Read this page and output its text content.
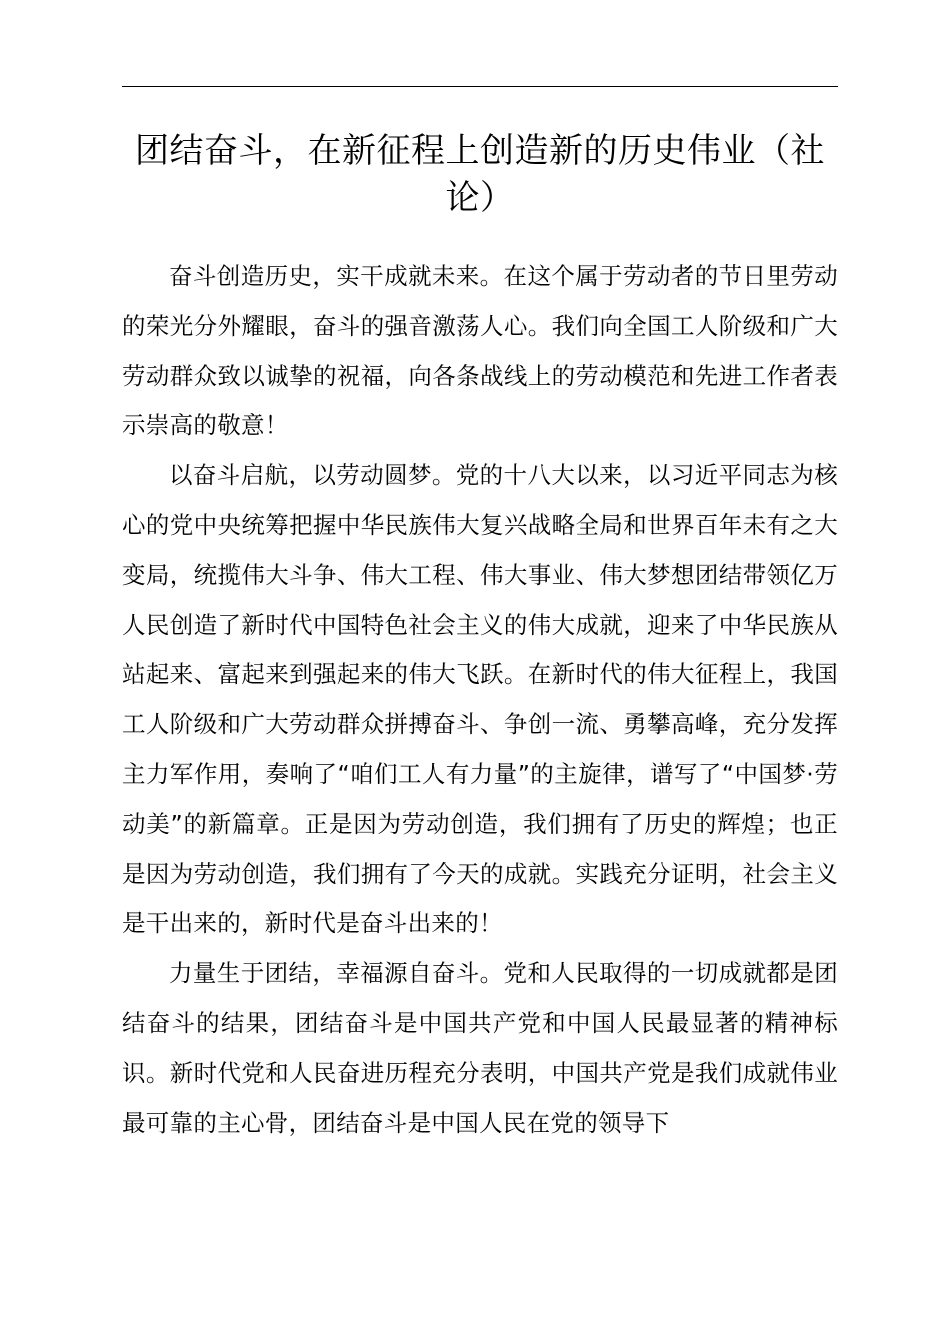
团结奋斗，在新征程上创造新的历史伟业（社论）

奋斗创造历史，实干成就未来。在这个属于劳动者的节日里劳动的荣光分外耀眼，奋斗的强音激荡人心。我们向全国工人阶级和广大劳动群众致以诚挚的祝福，向各条战线上的劳动模范和先进工作者表示崇高的敬意！

以奋斗启航，以劳动圆梦。党的十八大以来，以习近平同志为核心的党中央统筹把握中华民族伟大复兴战略全局和世界百年未有之大变局，统揽伟大斗争、伟大工程、伟大事业、伟大梦想团结带领亿万人民创造了新时代中国特色社会主义的伟大成就，迎来了中华民族从站起来、富起来到强起来的伟大飞跃。在新时代的伟大征程上，我国工人阶级和广大劳动群众拼搏奋斗、争创一流、勇攀高峰，充分发挥主力军作用，奏响了“咱们工人有力量”的主旋律，谱写了“中国梦·劳动美”的新篇章。正是因为劳动创造，我们拥有了历史的辉煌；也正是因为劳动创造，我们拥有了今天的成就。实践充分证明，社会主义是干出来的，新时代是奋斗出来的！

力量生于团结，幸福源自奋斗。党和人民取得的一切成就都是团结奋斗的结果，团结奋斗是中国共产党和中国人民最显著的精神标识。新时代党和人民奋进历程充分表明，中国共产党是我们成就伟业最可靠的主心骨，团结奋斗是中国人民在党的领导下
